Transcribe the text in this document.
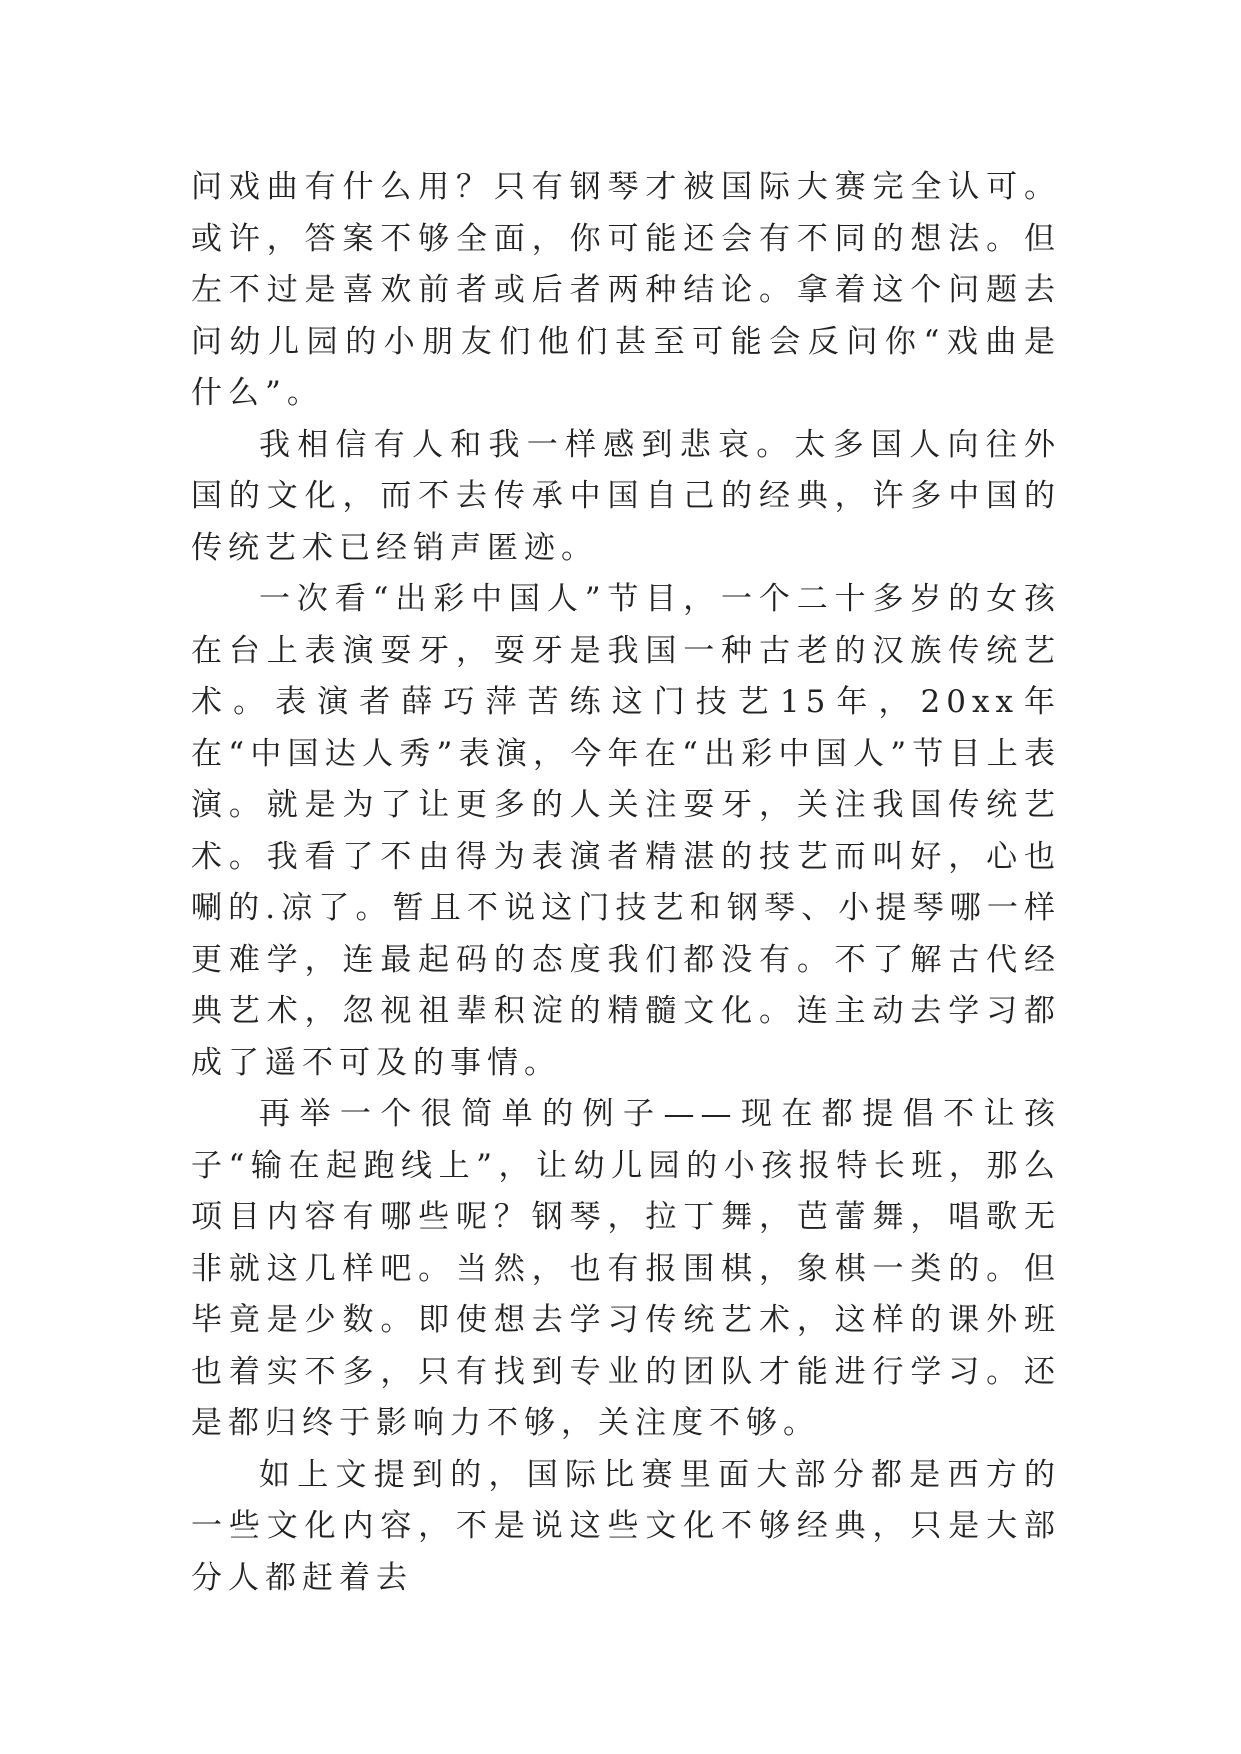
问戏曲有什么用？只有钢琴才被国际大赛完全认可。或许，答案不够全面，你可能还会有不同的想法。但左不过是喜欢前者或后者两种结论。拿着这个问题去问幼儿园的小朋友们他们甚至可能会反问你“戏曲是什么”。

我相信有人和我一样感到悲哀。太多国人向往外国的文化，而不去传承中国自己的经典，许多中国的传统艺术已经销声匿迹。

一次看“出彩中国人”节目，一个二十多岁的女孩在台上表演耍牙，耍牙是我国一种古老的汉族传统艺术。表演者薛巧萍苦练这门技艺15年，20xx年在“中国达人秀”表演，今年在“出彩中国人”节目上表演。就是为了让更多的人关注耍牙，关注我国传统艺术。我看了不由得为表演者精湛的技艺而叫好，心也唰的.凉了。暂且不说这门技艺和钢琴、小提琴哪一样更难学，连最起码的态度我们都没有。不了解古代经典艺术，忽视祖辈积淀的精髓文化。连主动去学习都成了遥不可及的事情。

再举一个很简单的例子——现在都提倡不让孩子“输在起跑线上”，让幼儿园的小孩报特长班，那么项目内容有哪些呢？钢琴，拉丁舞，芭蕾舞，唱歌无非就这几样吧。当然，也有报围棋，象棋一类的。但毕竟是少数。即使想去学习传统艺术，这样的课外班也着实不多，只有找到专业的团队才能进行学习。还是都归终于影响力不够，关注度不够。

如上文提到的，国际比赛里面大部分都是西方的一些文化内容，不是说这些文化不够经典，只是大部分人都赶着去
